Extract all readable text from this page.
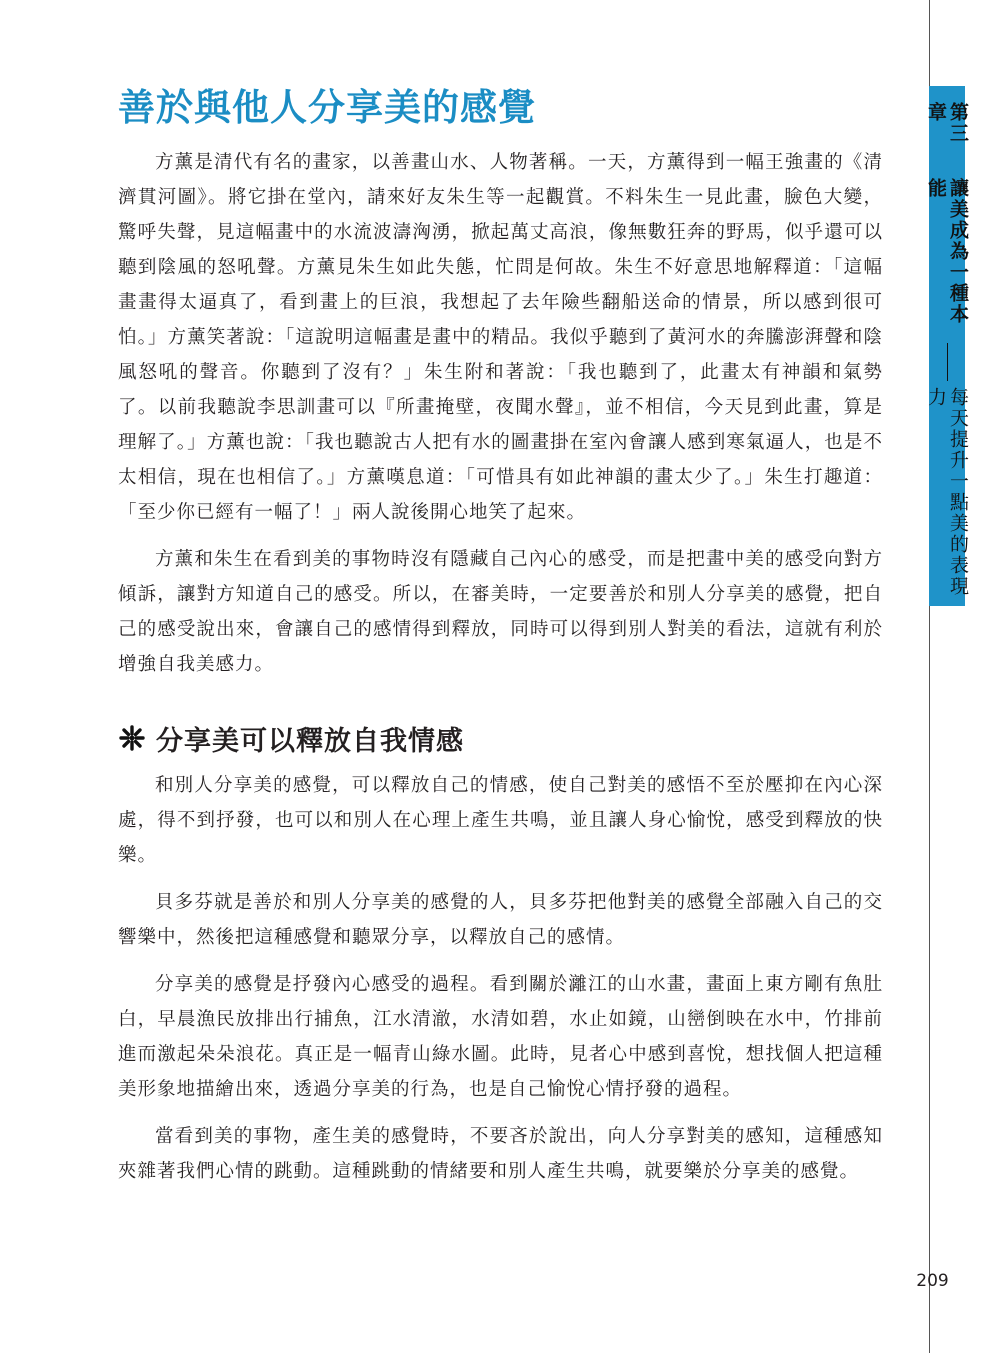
第三章
讓美成為一種本能
每天提升一點美的表現力
善於與他人分享美的感覺

方薰是清代有名的畫家，以善畫山水、人物著稱。一天，方薰得到一幅王強畫的《清濟貫河圖》。將它掛在堂內，請來好友朱生等一起觀賞。不料朱生一見此畫，臉色大變，驚呼失聲，見這幅畫中的水流波濤洶湧，掀起萬丈高浪，像無數狂奔的野馬，似乎還可以聽到陰風的怒吼聲。方薰見朱生如此失態，忙問是何故。朱生不好意思地解釋道：「這幅畫畫得太逼真了，看到畫上的巨浪，我想起了去年險些翻船送命的情景，所以感到很可怕。」方薰笑著說：「這說明這幅畫是畫中的精品。我似乎聽到了黃河水的奔騰澎湃聲和陰風怒吼的聲音。你聽到了沒有？」朱生附和著說：「我也聽到了，此畫太有神韻和氣勢了。以前我聽說李思訓畫可以『所畫掩壁，夜聞水聲』，並不相信，今天見到此畫，算是理解了。」方薰也說：「我也聽說古人把有水的圖畫掛在室內會讓人感到寒氣逼人，也是不太相信，現在也相信了。」方薰嘆息道：「可惜具有如此神韻的畫太少了。」朱生打趣道：「至少你已經有一幅了！」兩人說後開心地笑了起來。

方薰和朱生在看到美的事物時沒有隱藏自己內心的感受，而是把畫中美的感受向對方傾訴，讓對方知道自己的感受。所以，在審美時，一定要善於和別人分享美的感覺，把自己的感受說出來，會讓自己的感情得到釋放，同時可以得到別人對美的看法，這就有利於增強自我美感力。

分享美可以釋放自我情感

和別人分享美的感覺，可以釋放自己的情感，使自己對美的感悟不至於壓抑在內心深處，得不到抒發，也可以和別人在心理上產生共鳴，並且讓人身心愉悅，感受到釋放的快樂。

貝多芬就是善於和別人分享美的感覺的人，貝多芬把他對美的感覺全部融入自己的交響樂中，然後把這種感覺和聽眾分享，以釋放自己的感情。

分享美的感覺是抒發內心感受的過程。看到關於灕江的山水畫，畫面上東方剛有魚肚白，早晨漁民放排出行捕魚，江水清澈，水清如碧，水止如鏡，山巒倒映在水中，竹排前進而激起朵朵浪花。真正是一幅青山綠水圖。此時，見者心中感到喜悅，想找個人把這種美形象地描繪出來，透過分享美的行為，也是自己愉悅心情抒發的過程。

當看到美的事物，產生美的感覺時，不要吝於說出，向人分享對美的感知，這種感知夾雜著我們心情的跳動。這種跳動的情緒要和別人產生共鳴，就要樂於分享美的感覺。

209
